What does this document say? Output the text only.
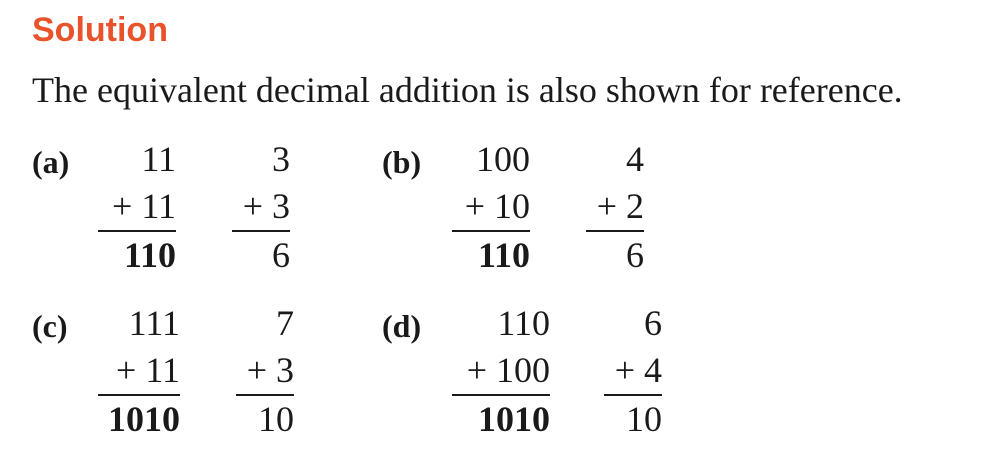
Solution
The equivalent decimal addition is also shown for reference.
(a)	11
+ 11
110
3
+ 3
6
(b)	100
+ 10
110
4
+ 2
6
(c)	111
+ 11
1010
7
+ 3
10
(d)	110
+ 100
1010
6
+ 4
10
